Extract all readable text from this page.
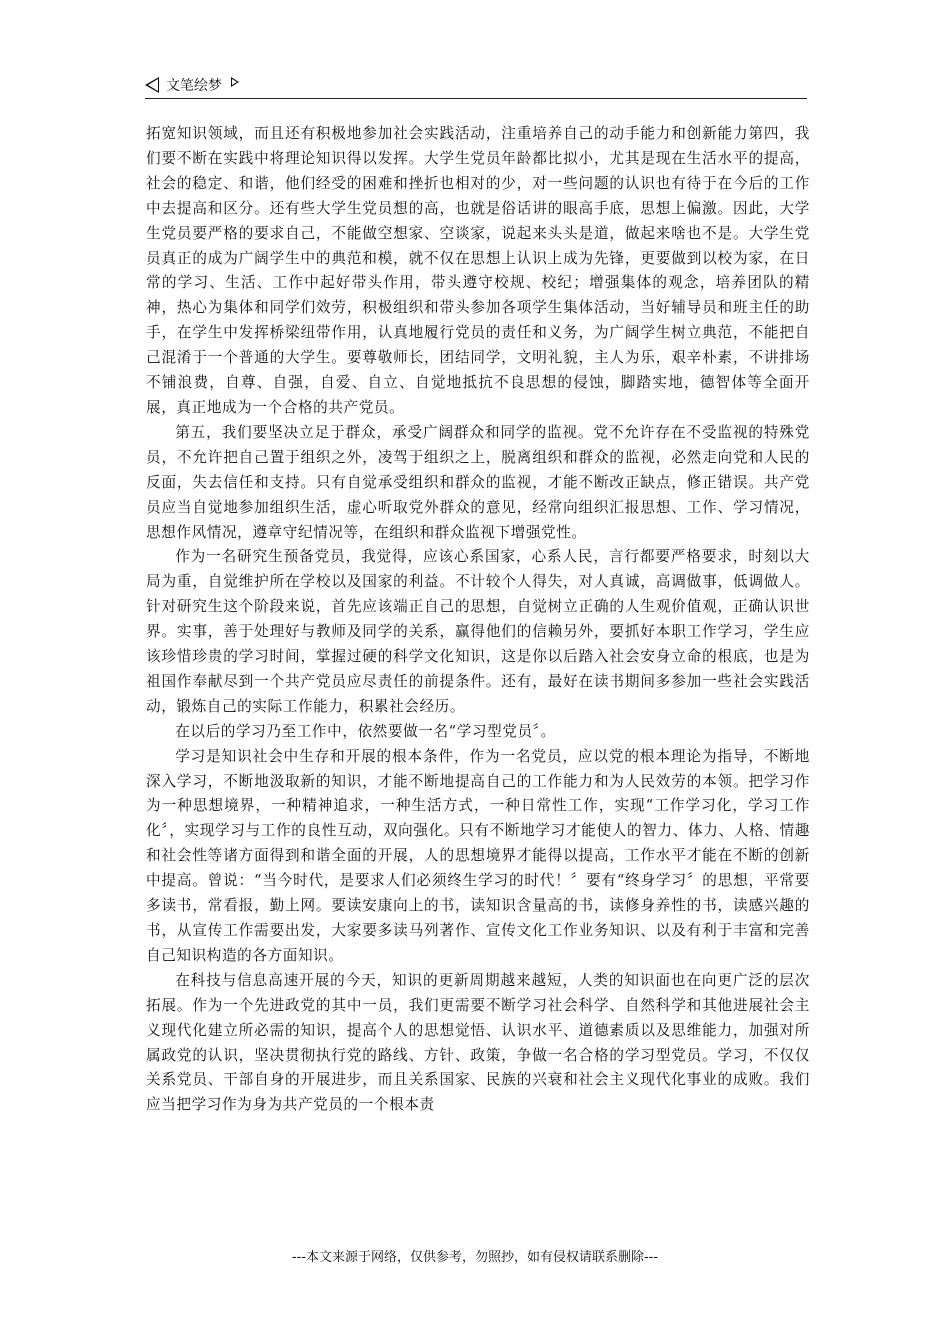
文笔绘梦

拓宽知识领域，而且还有积极地参加社会实践活动，注重培养自己的动手能力和创新能力第四，我们要不断在实践中将理论知识得以发挥。大学生党员年龄都比拟小，尤其是现在生活水平的提高，社会的稳定、和谐，他们经受的困难和挫折也相对的少，对一些问题的认识也有待于在今后的工作中去提高和区分。还有些大学生党员想的高，也就是俗话讲的眼高手底，思想上偏激。因此，大学生党员要严格的要求自己，不能做空想家、空谈家，说起来头头是道，做起来啥也不是。大学生党员真正的成为广阔学生中的典范和模，就不仅在思想上认识上成为先锋，更要做到以校为家，在日常的学习、生活、工作中起好带头作用，带头遵守校规、校纪；增强集体的观念，培养团队的精神，热心为集体和同学们效劳，积极组织和带头参加各项学生集体活动，当好辅导员和班主任的助手，在学生中发挥桥梁纽带作用，认真地履行党员的责任和义务，为广阔学生树立典范，不能把自己混淆于一个普通的大学生。要尊敬师长，团结同学，文明礼貌，主人为乐，艰辛朴素，不讲排场不铺浪费，自尊、自强，自爱、自立、自觉地抵抗不良思想的侵蚀，脚踏实地，德智体等全面开展，真正地成为一个合格的共产党员。

第五，我们要坚决立足于群众，承受广阔群众和同学的监视。党不允许存在不受监视的特殊党员，不允许把自己置于组织之外，凌驾于组织之上，脱离组织和群众的监视，必然走向党和人民的反面，失去信任和支持。只有自觉承受组织和群众的监视，才能不断改正缺点，修正错误。共产党员应当自觉地参加组织生活，虚心听取党外群众的意见，经常向组织汇报思想、工作、学习情况，思想作风情况，遵章守纪情况等，在组织和群众监视下增强党性。

作为一名研究生预备党员，我觉得，应该心系国家，心系人民，言行都要严格要求，时刻以大局为重，自觉维护所在学校以及国家的利益。不计较个人得失，对人真诚，高调做事，低调做人。针对研究生这个阶段来说，首先应该端正自己的思想，自觉树立正确的人生观价值观，正确认识世界。实事，善于处理好与教师及同学的关系，赢得他们的信赖另外，要抓好本职工作学习，学生应该珍惜珍贵的学习时间，掌握过硬的科学文化知识，这是你以后踏入社会安身立命的根底，也是为祖国作奉献尽到一个共产党员应尽责任的前提条件。还有，最好在读书期间多参加一些社会实践活动，锻炼自己的实际工作能力，积累社会经历。

在以后的学习乃至工作中，依然要做一名“学习型党员〞。

学习是知识社会中生存和开展的根本条件，作为一名党员，应以党的根本理论为指导，不断地深入学习，不断地汲取新的知识，才能不断地提高自己的工作能力和为人民效劳的本领。把学习作为一种思想境界，一种精神追求，一种生活方式，一种日常性工作，实现“工作学习化，学习工作化〞，实现学习与工作的良性互动，双向强化。只有不断地学习才能使人的智力、体力、人格、情趣和社会性等诸方面得到和谐全面的开展，人的思想境界才能得以提高，工作水平才能在不断的创新中提高。曾说：“当今时代，是要求人们必须终生学习的时代！〞要有“终身学习〞的思想，平常要多读书，常看报，勤上网。要读安康向上的书，读知识含量高的书，读修身养性的书，读感兴趣的书，从宣传工作需要出发，大家要多读马列著作、宣传文化工作业务知识、以及有利于丰富和完善自己知识构造的各方面知识。

在科技与信息高速开展的今天，知识的更新周期越来越短，人类的知识面也在向更广泛的层次拓展。作为一个先进政党的其中一员，我们更需要不断学习社会科学、自然科学和其他进展社会主义现代化建立所必需的知识，提高个人的思想觉悟、认识水平、道德素质以及思维能力，加强对所属政党的认识，坚决贯彻执行党的路线、方针、政策，争做一名合格的学习型党员。学习，不仅仅关系党员、干部自身的开展进步，而且关系国家、民族的兴衰和社会主义现代化事业的成败。我们应当把学习作为身为共产党员的一个根本责

---本文来源于网络，仅供参考，勿照抄，如有侵权请联系删除---
